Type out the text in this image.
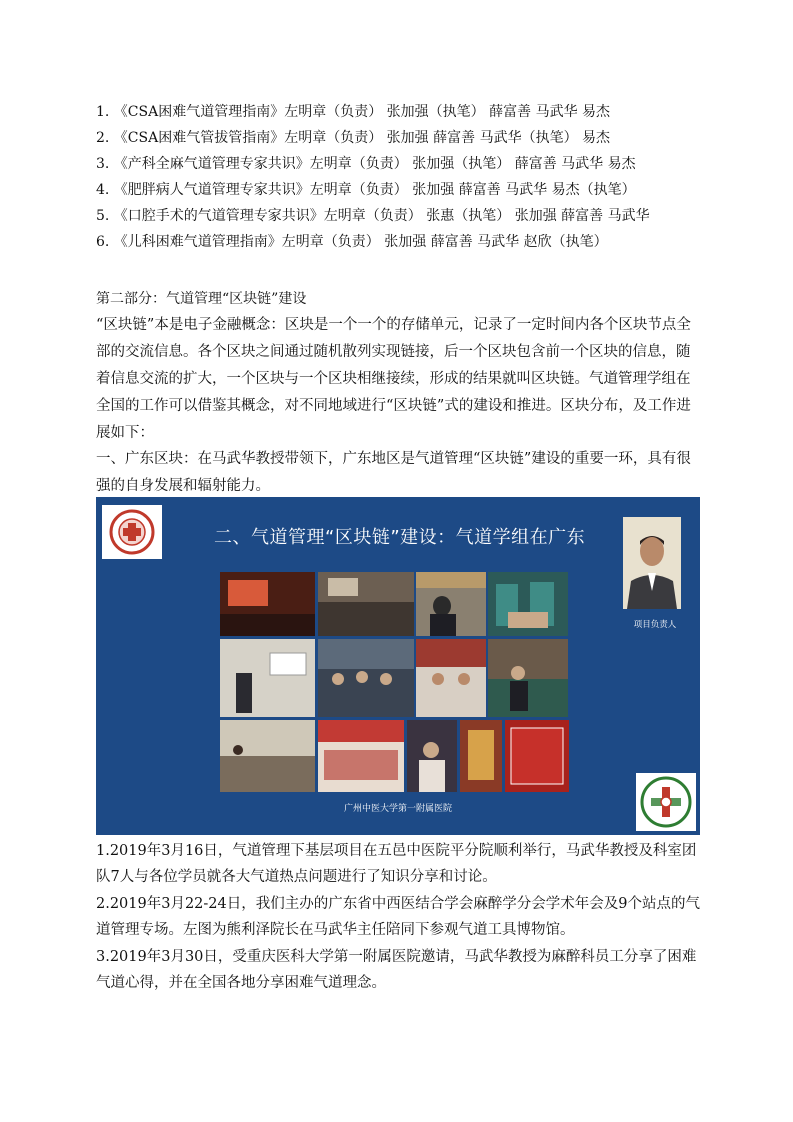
1. 《CSA困难气道管理指南》左明章（负责） 张加强（执笔） 薛富善 马武华 易杰
2. 《CSA困难气管拔管指南》左明章（负责） 张加强 薛富善 马武华（执笔） 易杰
3. 《产科全麻气道管理专家共识》左明章（负责） 张加强（执笔） 薛富善 马武华 易杰
4. 《肥胖病人气道管理专家共识》左明章（负责） 张加强 薛富善 马武华 易杰（执笔）
5. 《口腔手术的气道管理专家共识》左明章（负责） 张惠（执笔） 张加强 薛富善 马武华
6. 《儿科困难气道管理指南》左明章（负责） 张加强 薛富善 马武华 赵欣（执笔）
第二部分：气道管理“区块链”建设
“区块链”本是电子金融概念：区块是一个一个的存储单元，记录了一定时间内各个区块节点全部的交流信息。各个区块之间通过随机散列实现链接，后一个区块包含前一个区块的信息，随着信息交流的扩大，一个区块与一个区块相继接续，形成的结果就叫区块链。气道管理学组在全国的工作可以借鉴其概念，对不同地域进行“区块链”式的建设和推进。区块分布，及工作进展如下：
一、广东区块：在马武华教授带领下，广东地区是气道管理“区块链”建设的重要一环，具有很强的自身发展和辐射能力。
二、气道管理“区块链”建设：气道学组在广东
项目负责人
广州中医大学第一附属医院
1.2019年3月16日，气道管理下基层项目在五邑中医院平分院顺利举行，马武华教授及科室团队7人与各位学员就各大气道热点问题进行了知识分享和讨论。
2.2019年3月22-24日，我们主办的广东省中西医结合学会麻醉学分会学术年会及9个站点的气道管理专场。左图为熊利泽院长在马武华主任陪同下参观气道工具博物馆。
3.2019年3月30日，受重庆医科大学第一附属医院邀请，马武华教授为麻醉科员工分享了困难气道心得，并在全国各地分享困难气道理念。
